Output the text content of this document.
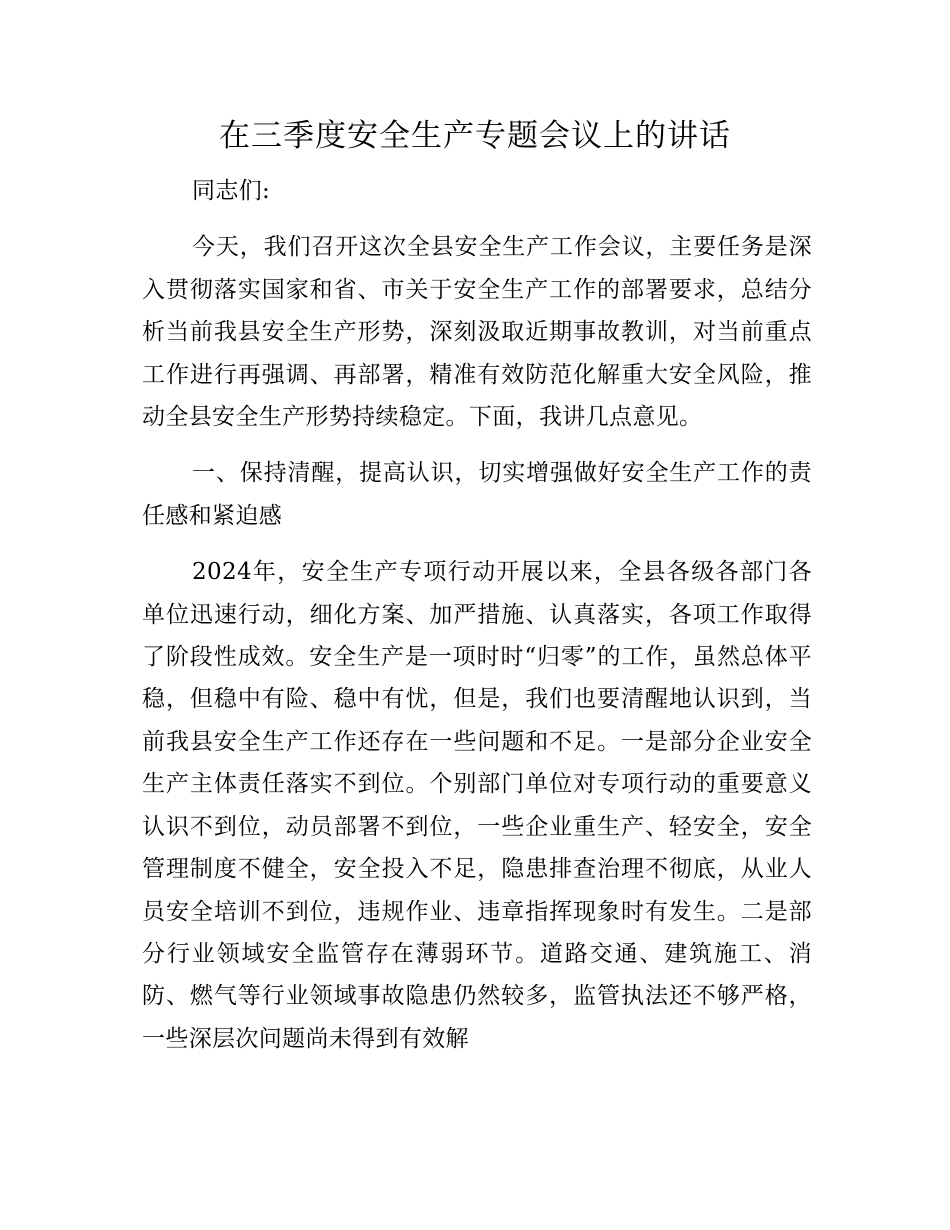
在三季度安全生产专题会议上的讲话

同志们:

今天，我们召开这次全县安全生产工作会议，主要任务是深入贯彻落实国家和省、市关于安全生产工作的部署要求，总结分析当前我县安全生产形势，深刻汲取近期事故教训，对当前重点工作进行再强调、再部署，精准有效防范化解重大安全风险，推动全县安全生产形势持续稳定。下面，我讲几点意见。

一、保持清醒，提高认识，切实增强做好安全生产工作的责任感和紧迫感

2024年，安全生产专项行动开展以来，全县各级各部门各单位迅速行动，细化方案、加严措施、认真落实，各项工作取得了阶段性成效。安全生产是一项时时“归零”的工作，虽然总体平稳，但稳中有险、稳中有忧，但是，我们也要清醒地认识到，当前我县安全生产工作还存在一些问题和不足。一是部分企业安全生产主体责任落实不到位。个别部门单位对专项行动的重要意义认识不到位，动员部署不到位，一些企业重生产、轻安全，安全管理制度不健全，安全投入不足，隐患排查治理不彻底，从业人员安全培训不到位，违规作业、违章指挥现象时有发生。二是部分行业领域安全监管存在薄弱环节。道路交通、建筑施工、消防、燃气等行业领域事故隐患仍然较多，监管执法还不够严格，一些深层次问题尚未得到有效解
